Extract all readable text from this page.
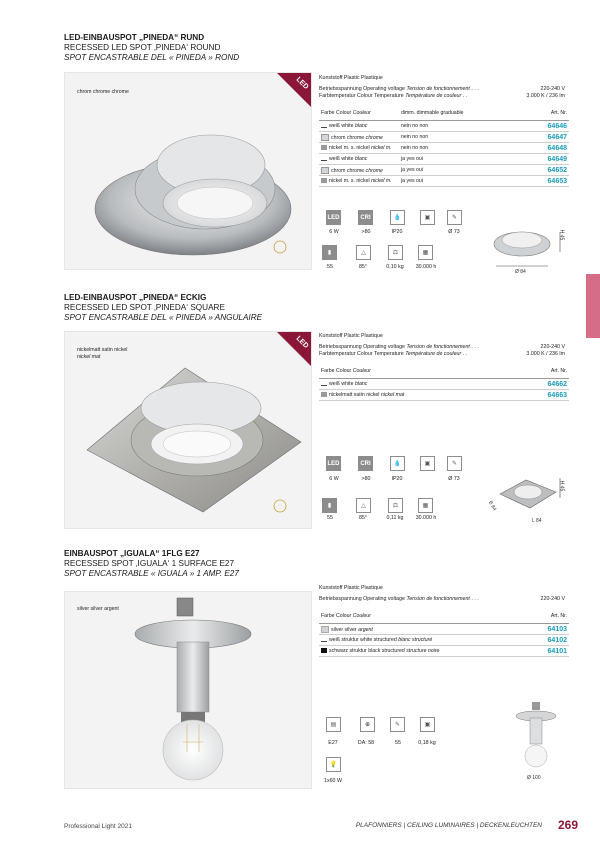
LED-EINBAUSPOT „PINEDA“ RUND
RECESSED LED SPOT ‚PINEDA‘ ROUND
SPOT ENCASTRABLE DEL « PINEDA » ROND
chrom chrome chrome
LED Kunststoff Plastic Plastique
Betriebsspannung Operating voltage Tension de fonctionnement . . .	220-240 V
Farbtemperatur Colour Temperature Température de couleur . .	3.000 K / 236 lm
Farbe Colour Couleur	dimm. dimmable graduable	Art. Nr.
weiß white blanc	nein no non	64646
chrom chrome chrome	nein no non	64647
nickel m. s. nickel nickel m.	nein no non	64648
weiß white blanc	ja yes oui	64649
chrom chrome chrome	ja yes oui	64652
nickel m. s. nickel nickel m.	ja yes oui	64653
LED	CRI	💧	▣	✎
6 W	>80	IP20	Ø 73
▮	△	⚖	▦
55	85°	0,10 kg	30.000 h
H 45
Ø 84
LED-EINBAUSPOT „PINEDA“ ECKIG
RECESSED LED SPOT ‚PINEDA‘ SQUARE
SPOT ENCASTRABLE DEL « PINEDA » ANGULAIRE
nickelmatt satin nickel
nickel mat
LED Kunststoff Plastic Plastique
Betriebsspannung Operating voltage Tension de fonctionnement . . .	220-240 V
Farbtemperatur Colour Temperature Température de couleur . .	3.000 K / 236 lm
Farbe Colour Couleur	Art. Nr.
weiß white blanc	64662
nickelmatt satin nickel nickel mat	64663
LED	CRI	💧	▣	✎
6 W	>80	IP20	Ø 73
▮	△	⚖	▦
55	85°	0,11 kg	30.000 h
H 45
B 84
L 84
EINBAUSPOT „IGUALA“ 1FLG E27
RECESSED SPOT ‚IGUALA‘ 1 SURFACE E27
SPOT ENCASTRABLE « IGUALA » 1 AMP. E27
silver silver argent
Kunststoff Plastic Plastique
Betriebsspannung Operating voltage Tension de fonctionnement . . .	220-240 V
Farbe Colour Couleur	Art. Nr.
silver silver argent	64103
weiß struktur white structured blanc structuré	64102
schwarz struktur black structured structure noire	64101
▤	⊕	✎	▣
E27	DA: 58	55	0,18 kg
💡
1x60 W	Ø 100
Professional Light 2021	PLAFONNIERS | CEILING LUMINAIRES | DECKENLEUCHTEN 269
